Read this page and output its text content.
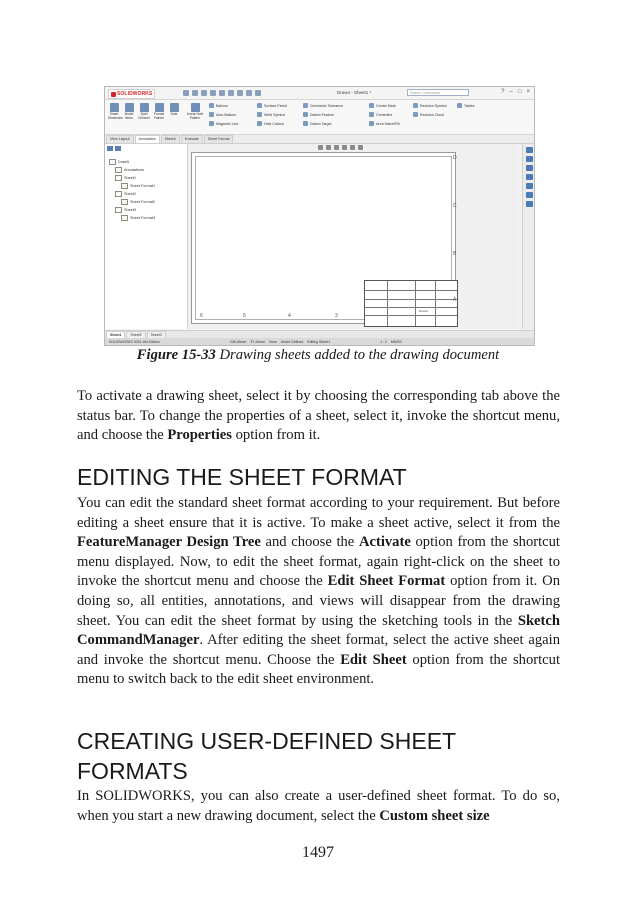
SOLIDWORKS	Draw4 - Sheet1 *	Search Commands	? – □ ×
Smart Dimension
Model Items
Spell Checker
Format Painter
Note	Linear Note Pattern
Balloon
Auto Balloon
Magnetic Line
Surface Finish
Weld Symbol
Hole Callout
Geometric Tolerance
Datum Feature
Datum Target
Center Mark
Centerline
Area Hatch/Fill
Revision Symbol
Revision Cloud
Tables
View Layout	Annotation	Sketch	Evaluate	Sheet Format
Draw5
Annotations
Sheet1
Sheet Format1
Sheet2
Sheet Format2
Sheet3
Sheet Format3
6	5	4	3
Draw4
D
C
B
A
Sheet1	Sheet2	Sheet3
SOLIDWORKS 2021 x64 Edition	248.46mm 37.44mm 0mm Under Defined Editing Sheet1	1 : 2 MMGS
Figure 15-33 Drawing sheets added to the drawing document

To activate a drawing sheet, select it by choosing the corresponding tab above the status bar. To change the properties of a sheet, select it, invoke the shortcut menu, and choose the Properties option from it.

EDITING THE SHEET FORMAT

You can edit the standard sheet format according to your requirement. But before editing a sheet ensure that it is active. To make a sheet active, select it from the FeatureManager Design Tree and choose the Activate option from the shortcut menu displayed. Now, to edit the sheet format, again right-click on the sheet to invoke the shortcut menu and choose the Edit Sheet Format option from it. On doing so, all entities, annotations, and views will disappear from the drawing sheet. You can edit the sheet format by using the sketching tools in the Sketch CommandManager. After editing the sheet format, select the active sheet again and invoke the shortcut menu. Choose the Edit Sheet option from the shortcut menu to switch back to the edit sheet environment.

CREATING USER-DEFINED SHEET FORMATS

In SOLIDWORKS, you can also create a user-defined sheet format. To do so, when you start a new drawing document, select the Custom sheet size

1497
